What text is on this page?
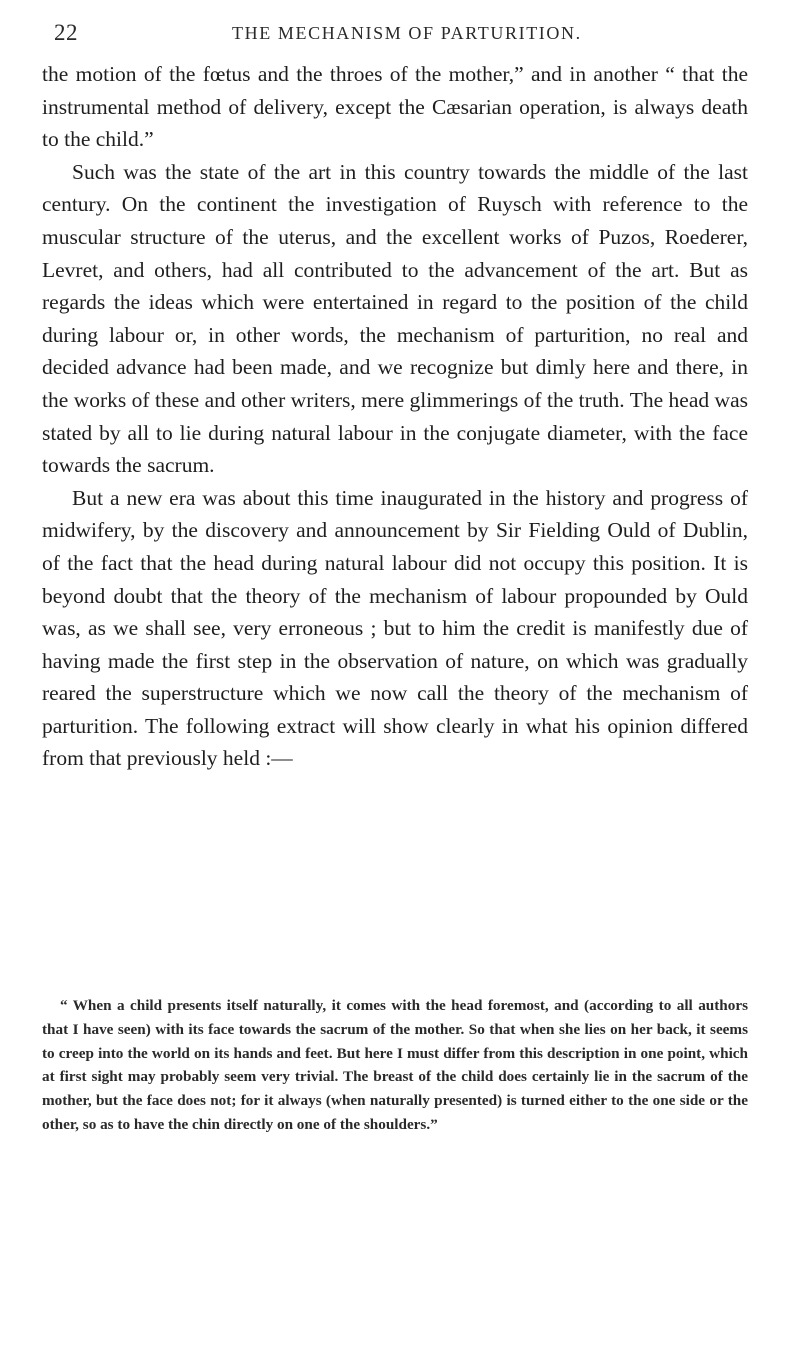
22	THE MECHANISM OF PARTURITION.

the motion of the fœtus and the throes of the mother,” and in another “ that the instrumental method of delivery, except the Cæsarian operation, is always death to the child.”

Such was the state of the art in this country towards the middle of the last century. On the continent the investigation of Ruysch with reference to the muscular structure of the uterus, and the excellent works of Puzos, Roederer, Levret, and others, had all contributed to the advancement of the art. But as regards the ideas which were entertained in regard to the position of the child during labour or, in other words, the mechanism of parturition, no real and decided advance had been made, and we recognize but dimly here and there, in the works of these and other writers, mere glimmerings of the truth. The head was stated by all to lie during natural labour in the conjugate diameter, with the face towards the sacrum.

But a new era was about this time inaugurated in the history and progress of midwifery, by the discovery and announcement by Sir Fielding Ould of Dublin, of the fact that the head during natural labour did not occupy this position. It is beyond doubt that the theory of the mechanism of labour propounded by Ould was, as we shall see, very erroneous ; but to him the credit is manifestly due of having made the first step in the observation of nature, on which was gradually reared the superstructure which we now call the theory of the mechanism of parturition. The following extract will show clearly in what his opinion differed from that previously held :—

“ When a child presents itself naturally, it comes with the head foremost, and (according to all authors that I have seen) with its face towards the sacrum of the mother. So that when she lies on her back, it seems to creep into the world on its hands and feet. But here I must differ from this description in one point, which at first sight may probably seem very trivial. The breast of the child does certainly lie in the sacrum of the mother, but the face does not; for it always (when naturally presented) is turned either to the one side or the other, so as to have the chin directly on one of the shoulders.”
